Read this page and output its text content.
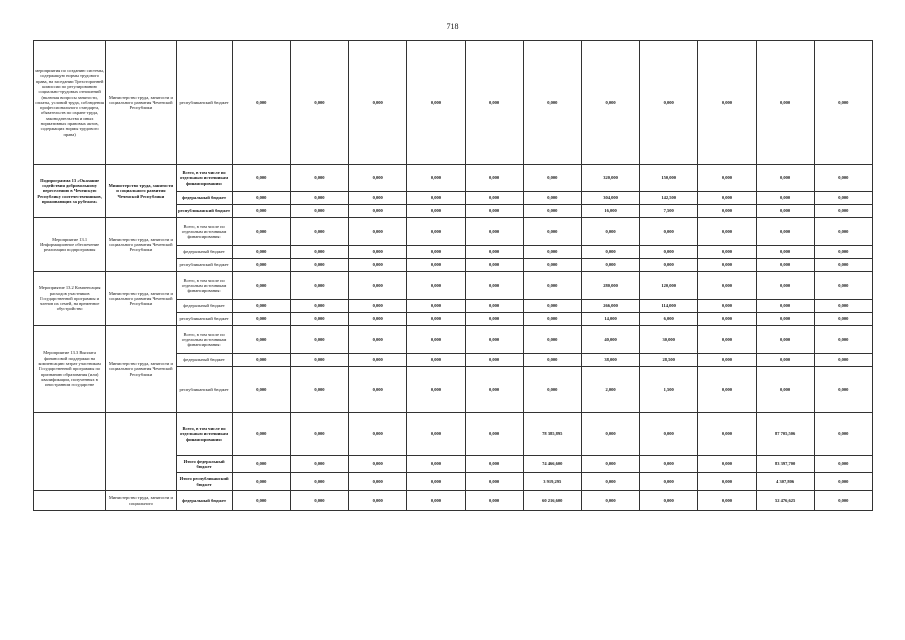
718
мероприятия по созданию системы, содержащую нормы трудового права, на заседании Трехсторонней комиссии по регулированию социально-трудовых отношений (включая вопросы занятости, оплаты, условий труда, соблюдения профессионального стандарта, обязательств по охране труда, законодательства и иных нормативных правовых актов, содержащих нормы трудового права)	Министерство труда, занятости и социального развития Чеченской Республики	республиканский бюджет	0,000	0,000	0,000	0,000	0,000	0,000	0,000	0,000	0,000	0,000	0,000
Подпрограмма 13 «Оказание содействия добровольному переселению в Чеченскую Республику соотечественников, проживающих за рубежом»	Министерство труда, занятости и социального развития Чеченской Республики	Всего, в том числе по отдельным источникам финансирования:	0,000	0,000	0,000	0,000	0,000	0,000	320,000	150,000	0,000	0,000	0,000
		федеральный бюджет	0,000	0,000	0,000	0,000	0,000	0,000	304,000	142,500	0,000	0,000	0,000
		республиканский бюджет	0,000	0,000	0,000	0,000	0,000	0,000	16,000	7,500	0,000	0,000	0,000
Мероприятие 13.1 Информационное обеспечение реализации подпрограммы	Министерство труда, занятости и социального развития Чеченской Республики	Всего, в том числе по отдельным источникам финансирования:	0,000	0,000	0,000	0,000	0,000	0,000	0,000	0,000	0,000	0,000	0,000
		федеральный бюджет	0,000	0,000	0,000	0,000	0,000	0,000	0,000	0,000	0,000	0,000	0,000
		республиканский бюджет	0,000	0,000	0,000	0,000	0,000	0,000	0,000	0,000	0,000	0,000	0,000
Мероприятие 13.2 Компенсация расходов участников Государственной программы и членов их семей, на временное обустройство	Министерство труда, занятости и социального развития Чеченской Республики	Всего, в том числе по отдельным источникам финансирования:	0,000	0,000	0,000	0,000	0,000	0,000	280,000	120,000	0,000	0,000	0,000
		федеральный бюджет	0,000	0,000	0,000	0,000	0,000	0,000	266,000	114,000	0,000	0,000	0,000
		республиканский бюджет	0,000	0,000	0,000	0,000	0,000	0,000	14,000	6,000	0,000	0,000	0,000
Мероприятие 13.3 Выплата финансовой поддержки на компенсацию затрат участникам Государственной программы по признанию образования (или) квалификации, полученных в иностранном государстве	Министерство труда, занятости и социального развития Чеченской Республики	Всего, в том числе по отдельным источникам финансирования:	0,000	0,000	0,000	0,000	0,000	0,000	40,000	30,000	0,000	0,000	0,000
		федеральный бюджет	0,000	0,000	0,000	0,000	0,000	0,000	38,000	28,500	0,000	0,000	0,000
		республиканский бюджет	0,000	0,000	0,000	0,000	0,000	0,000	2,000	1,500	0,000	0,000	0,000
		Всего, в том числе по отдельным источникам финансирования:	0,000	0,000	0,000	0,000	0,000	78 385,895	0,000	0,000	0,000	87 705,506	0,000
		Итого федеральный бюджет	0,000	0,000	0,000	0,000	0,000	74 466,600	0,000	0,000	0,000	83 397,700	0,000
		Итого республиканский бюджет	0,000	0,000	0,000	0,000	0,000	3 919,295	0,000	0,000	0,000	4 307,806	0,000
	Министерство труда, занятости и социального	федеральный бюджет	0,000	0,000	0,000	0,000	0,000	60 216,600	0,000	0,000	0,000	52 476,625	0,000
